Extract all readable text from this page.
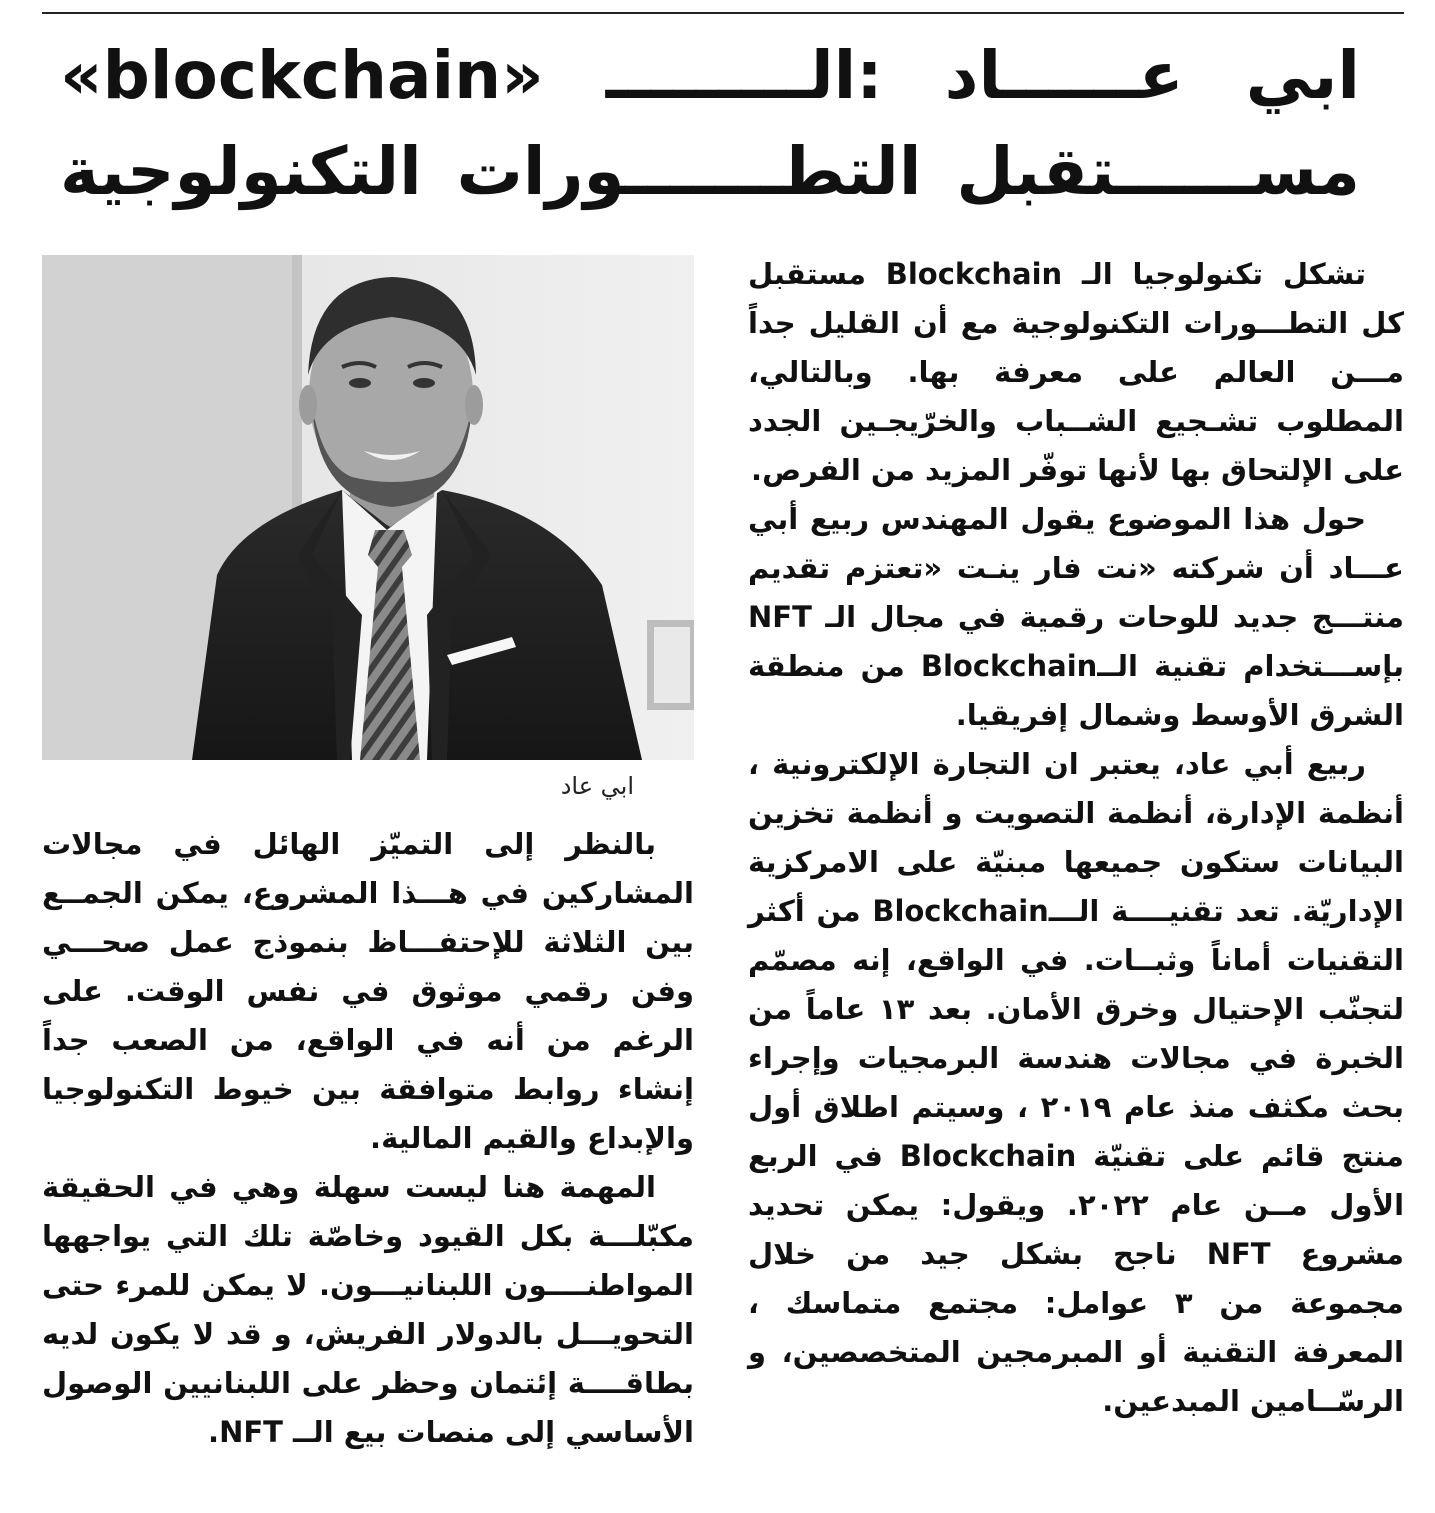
ابي عــــــاد :الـــــــــ «blockchain»
مســــــتقبل التطـــــــورات التكنولوجية

تشكل تكنولوجيا الـ Blockchain مستقبل كل التطـــورات التكنولوجية مع أن القليل جداً مـــن العالم على معرفة بها. وبالتالي، المطلوب تشـجيع الشــباب والخرّيجـين الجدد على الإلتحاق بها لأنها توفّر المزيد من الفرص.

حول هذا الموضوع يقول المهندس ربيع أبي عـــاد أن شركته «نت فار ينـت «تعتزم تقديم منتـــج جديد للوحات رقمية في مجال الـ NFT بإســـتخدام تقنية الــBlockchain من منطقة الشرق الأوسط وشمال إفريقيا.

ربيع أبي عاد، يعتبر ان التجارة الإلكترونية ، أنظمة الإدارة، أنظمة التصويت و أنظمة تخزين البيانات ستكون جميعها مبنيّة على الامركزية الإداريّة. تعد تقنيــــة الـــBlockchain من أكثر التقنيات أماناً وثبــات. في الواقع، إنه مصمّم لتجنّب الإحتيال وخرق الأمان. بعد ١٣ عاماً من الخبرة في مجالات هندسة البرمجيات وإجراء بحث مكثف منذ عام ٢٠١٩ ، وسيتم اطلاق أول منتج قائم على تقنيّة Blockchain في الربع الأول مــن عام ٢٠٢٢. ويقول: يمكن تحديد مشروع NFT ناجح بشكل جيد من خلال مجموعة من ٣ عوامل: مجتمع متماسك ، المعرفة التقنية أو المبرمجين المتخصصين، و الرسّــامين المبدعين.

ابي عاد

بالنظر إلى التميّز الهائل في مجالات المشاركين في هـــذا المشروع، يمكن الجمــع بين الثلاثة للإحتفـــاظ بنموذج عمل صحـــي وفن رقمي موثوق في نفس الوقت. على الرغم من أنه في الواقع، من الصعب جداً إنشاء روابط متوافقة بين خيوط التكنولوجيا والإبداع والقيم المالية.

المهمة هنا ليست سهلة وهي في الحقيقة مكبّلـــة بكل القيود وخاصّة تلك التي يواجهها المواطنــــون اللبنانيـــون. لا يمكن للمرء حتى التحويـــل بالدولار الفريش، و قد لا يكون لديه بطاقــــة إئتمان وحظر على اللبنانيين الوصول الأساسي إلى منصات بيع الــ NFT.
